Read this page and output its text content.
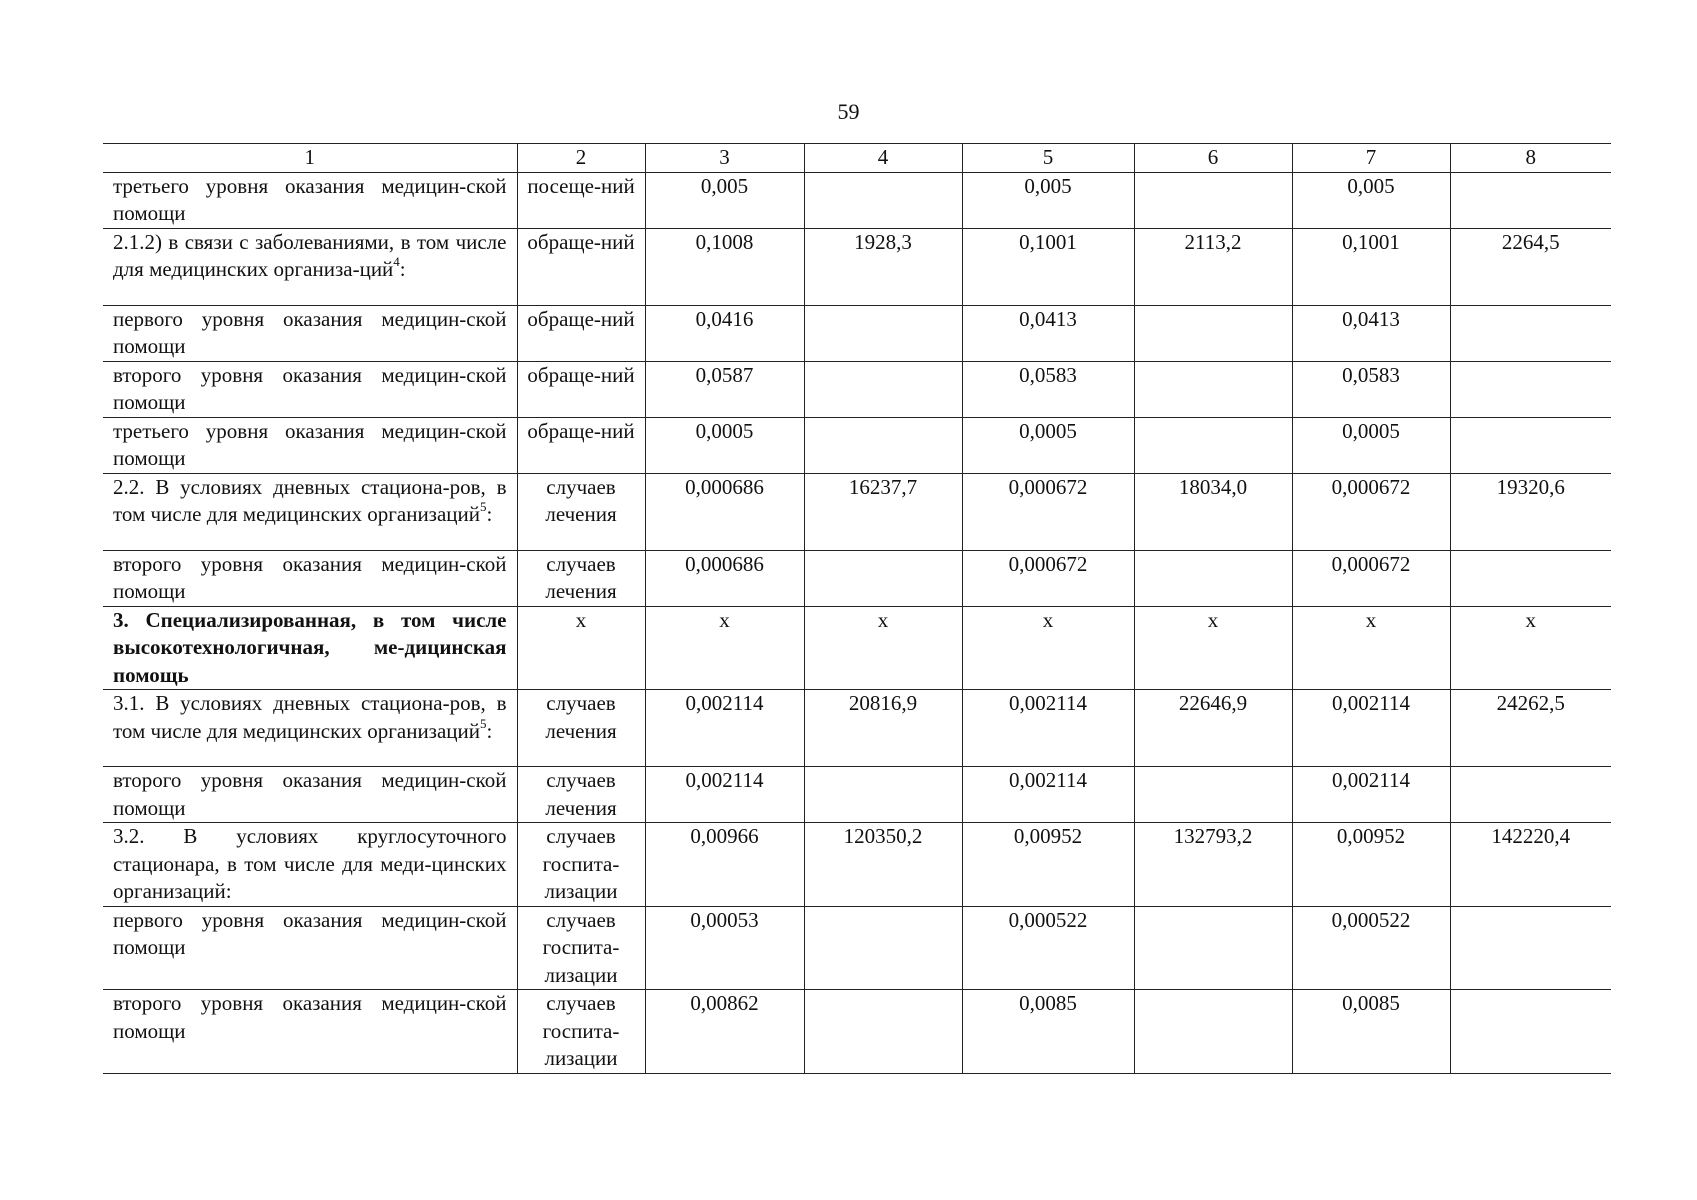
59
1	2	3	4	5	6	7	8
третьего уровня оказания медицин-ской помощи	посеще-ний	0,005		0,005		0,005	
2.1.2) в связи с заболеваниями, в том числе для медицинских организа-ций$^4$:	обраще-ний	0,1008	1928,3	0,1001	2113,2	0,1001	2264,5
первого уровня оказания медицин-ской помощи	обраще-ний	0,0416		0,0413		0,0413	
второго уровня оказания медицин-ской помощи	обраще-ний	0,0587		0,0583		0,0583	
третьего уровня оказания медицин-ской помощи	обраще-ний	0,0005		0,0005		0,0005	
2.2. В условиях дневных стациона-ров, в том числе для медицинских организаций$^5$:	случаев лечения	0,000686	16237,7	0,000672	18034,0	0,000672	19320,6
второго уровня оказания медицин-ской помощи	случаев лечения	0,000686		0,000672		0,000672	
3. Специализированная, в том числе высокотехнологичная, ме-дицинская помощь	х	х	х	х	х	х	х
3.1. В условиях дневных стациона-ров, в том числе для медицинских организаций$^5$:	случаев лечения	0,002114	20816,9	0,002114	22646,9	0,002114	24262,5
второго уровня оказания медицин-ской помощи	случаев лечения	0,002114		0,002114		0,002114	
3.2. В условиях круглосуточного стационара, в том числе для меди-цинских организаций:	случаев госпита-лизации	0,00966	120350,2	0,00952	132793,2	0,00952	142220,4
первого уровня оказания медицин-ской помощи	случаев госпита-лизации	0,00053		0,000522		0,000522	
второго уровня оказания медицин-ской помощи	случаев госпита-лизации	0,00862		0,0085		0,0085	
